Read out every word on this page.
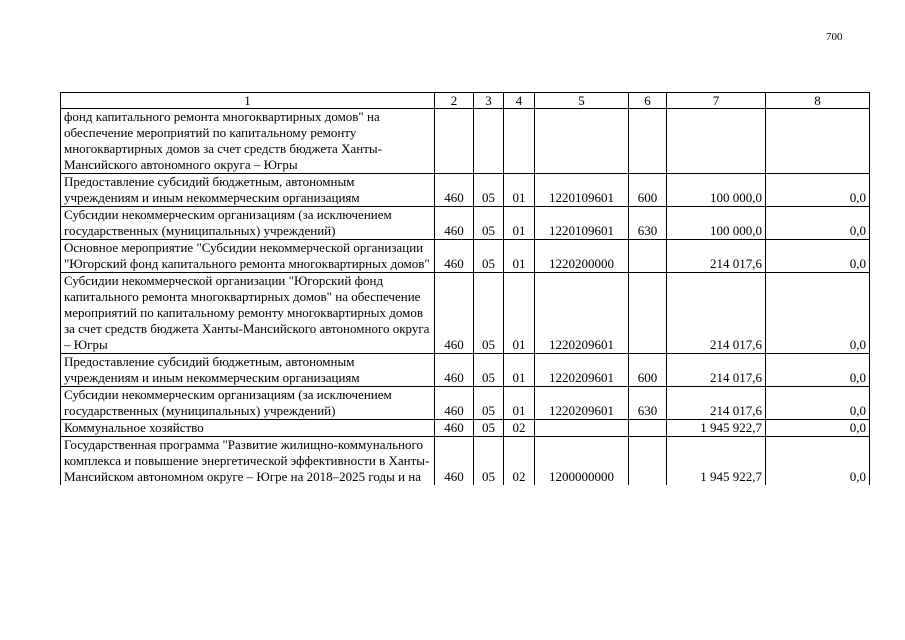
700
1	2	3	4	5	6	7	8
фонд капитального ремонта многоквартирных домов" на обеспечение мероприятий по капитальному ремонту многоквартирных домов за счет средств бюджета Ханты-Мансийского автономного округа – Югры							
Предоставление субсидий бюджетным, автономным учреждениям и иным некоммерческим организациям	460	05	01	1220109601	600	100 000,0	0,0
Субсидии некоммерческим организациям (за исключением государственных (муниципальных) учреждений)	460	05	01	1220109601	630	100 000,0	0,0
Основное мероприятие "Субсидии некоммерческой организации "Югорский фонд капитального ремонта многоквартирных домов"	460	05	01	1220200000		214 017,6	0,0
Субсидии некоммерческой организации "Югорский фонд капитального ремонта многоквартирных домов" на обеспечение мероприятий по капитальному ремонту многоквартирных домов за счет средств бюджета Ханты-Мансийского автономного округа – Югры	460	05	01	1220209601		214 017,6	0,0
Предоставление субсидий бюджетным, автономным учреждениям и иным некоммерческим организациям	460	05	01	1220209601	600	214 017,6	0,0
Субсидии некоммерческим организациям (за исключением государственных (муниципальных) учреждений)	460	05	01	1220209601	630	214 017,6	0,0
Коммунальное хозяйство	460	05	02			1 945 922,7	0,0
Государственная программа "Развитие жилищно-коммунального комплекса и повышение энергетической эффективности в Ханты-Мансийском автономном округе – Югре на 2018–2025 годы и на	460	05	02	1200000000		1 945 922,7	0,0
